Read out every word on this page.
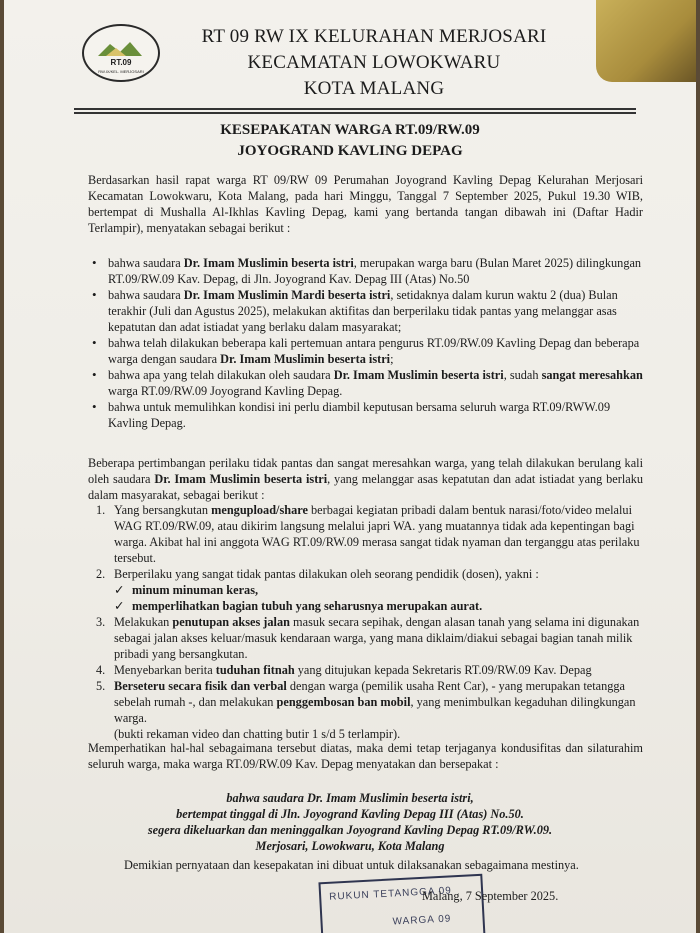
RT.09
RW.IX/KEL. MERJOSARI
RT 09 RW IX KELURAHAN MERJOSARI
KECAMATAN LOWOKWARU
KOTA MALANG
KESEPAKATAN WARGA RT.09/RW.09
JOYOGRAND KAVLING DEPAG
Berdasarkan hasil rapat warga RT 09/RW 09 Perumahan Joyogrand Kavling Depag Kelurahan Merjosari Kecamatan Lowokwaru, Kota Malang, pada hari Minggu, Tanggal 7 September 2025, Pukul 19.30 WIB, bertempat di Mushalla Al-Ikhlas Kavling Depag, kami yang bertanda tangan dibawah ini (Daftar Hadir Terlampir), menyatakan sebagai berikut :
• bahwa saudara Dr. Imam Muslimin beserta istri, merupakan warga baru (Bulan Maret 2025) dilingkungan RT.09/RW.09 Kav. Depag, di Jln. Joyogrand Kav. Depag III (Atas) No.50
• bahwa saudara Dr. Imam Muslimin Mardi beserta istri, setidaknya dalam kurun waktu 2 (dua) Bulan terakhir (Juli dan Agustus 2025), melakukan aktifitas dan berperilaku tidak pantas yang melanggar asas kepatutan dan adat istiadat yang berlaku dalam masyarakat;
• bahwa telah dilakukan beberapa kali pertemuan antara pengurus RT.09/RW.09 Kavling Depag dan beberapa warga dengan saudara Dr. Imam Muslimin beserta istri;
• bahwa apa yang telah dilakukan oleh saudara Dr. Imam Muslimin beserta istri, sudah sangat meresahkan warga RT.09/RW.09 Joyogrand Kavling Depag.
• bahwa untuk memulihkan kondisi ini perlu diambil keputusan bersama seluruh warga RT.09/RWW.09 Kavling Depag.
Beberapa pertimbangan perilaku tidak pantas dan sangat meresahkan warga, yang telah dilakukan berulang kali oleh saudara Dr. Imam Muslimin beserta istri, yang melanggar asas kepatutan dan adat istiadat yang berlaku dalam masyarakat, sebagai berikut :
1. Yang bersangkutan mengupload/share berbagai kegiatan pribadi dalam bentuk narasi/foto/video melalui WAG RT.09/RW.09, atau dikirim langsung melalui japri WA. yang muatannya tidak ada kepentingan bagi warga. Akibat hal ini anggota WAG RT.09/RW.09 merasa sangat tidak nyaman dan terganggu atas perilaku tersebut.
2. Berperilaku yang sangat tidak pantas dilakukan oleh seorang pendidik (dosen), yakni :
✓ minum minuman keras,
✓ memperlihatkan bagian tubuh yang seharusnya merupakan aurat.
3. Melakukan penutupan akses jalan masuk secara sepihak, dengan alasan tanah yang selama ini digunakan sebagai jalan akses keluar/masuk kendaraan warga, yang mana diklaim/diakui sebagai bagian tanah milik pribadi yang bersangkutan.
4. Menyebarkan berita tuduhan fitnah yang ditujukan kepada Sekretaris RT.09/RW.09 Kav. Depag
5. Berseteru secara fisik dan verbal dengan warga (pemilik usaha Rent Car), - yang merupakan tetangga sebelah rumah -, dan melakukan penggembosan ban mobil, yang menimbulkan kegaduhan dilingkungan warga.
(bukti rekaman video dan chatting butir 1 s/d 5 terlampir).
Memperhatikan hal-hal sebagaimana tersebut diatas, maka demi tetap terjaganya kondusifitas dan silaturahim seluruh warga, maka warga RT.09/RW.09 Kav. Depag menyatakan dan bersepakat :
bahwa saudara Dr. Imam Muslimin beserta istri,
bertempat tinggal di Jln. Joyogrand Kavling Depag III (Atas) No.50.
segera dikeluarkan dan meninggalkan Joyogrand Kavling Depag RT.09/RW.09.
Merjosari, Lowokwaru, Kota Malang
Demikian pernyataan dan kesepakatan ini dibuat untuk dilaksanakan sebagaimana mestinya.
RUKUN TETANGGA 09
WARGA 09
Malang, 7 September 2025.
